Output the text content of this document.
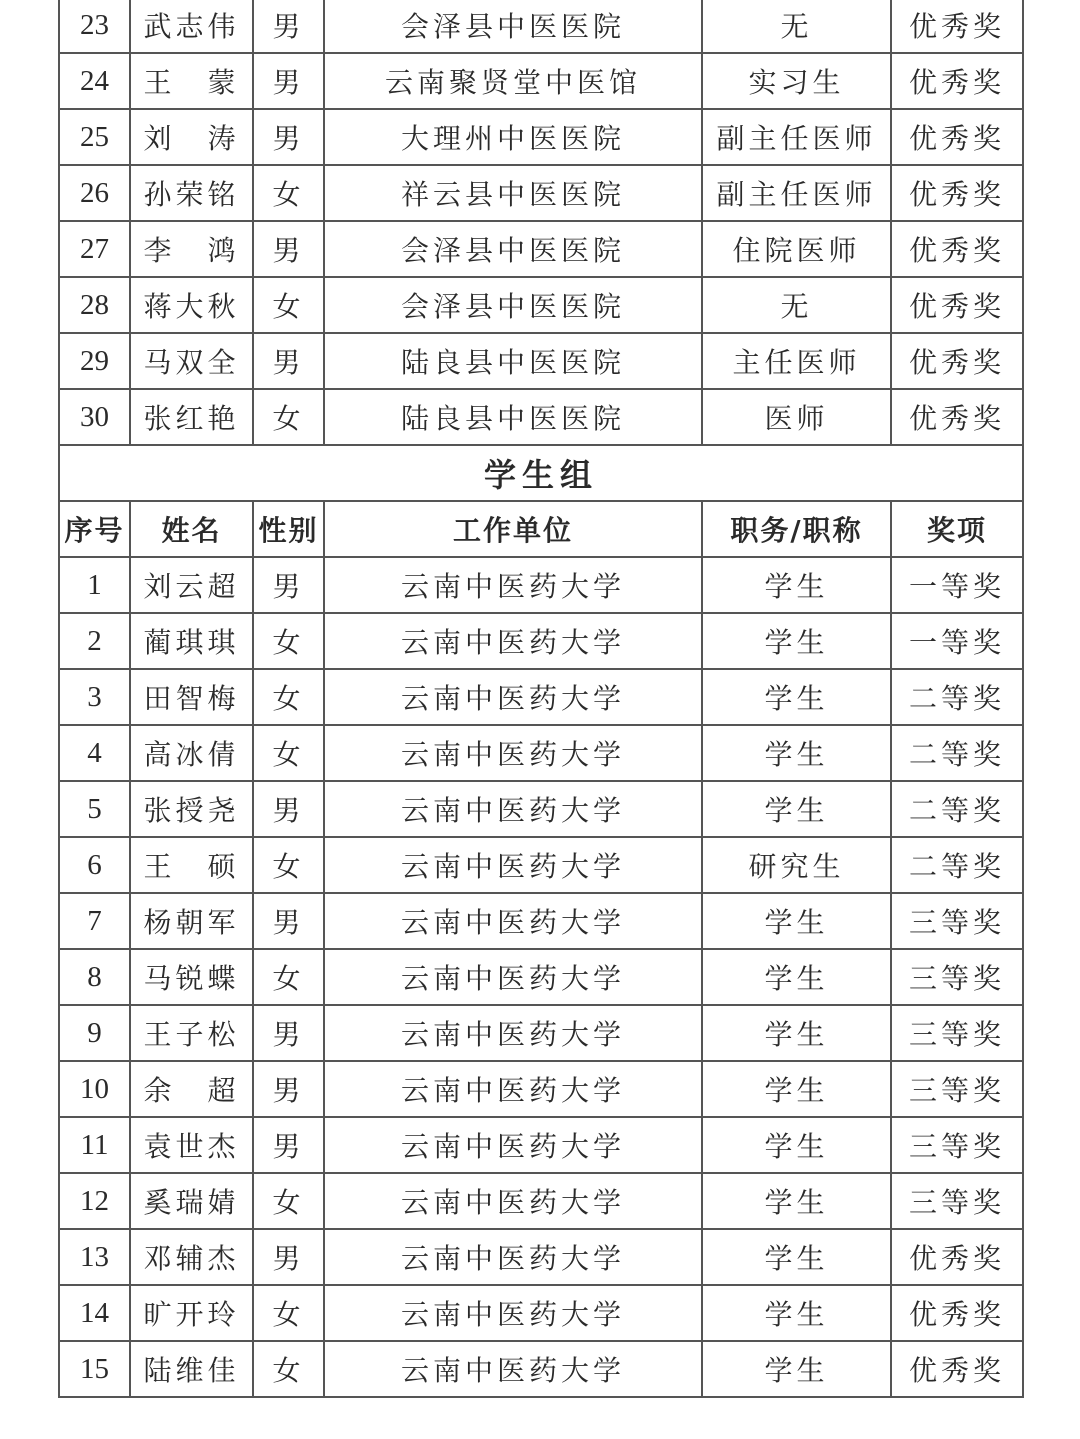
23	武志伟	男	会泽县中医医院	无	优秀奖
24	王　蒙	男	云南聚贤堂中医馆	实习生	优秀奖
25	刘　涛	男	大理州中医医院	副主任医师	优秀奖
26	孙荣铭	女	祥云县中医医院	副主任医师	优秀奖
27	李　鸿	男	会泽县中医医院	住院医师	优秀奖
28	蒋大秋	女	会泽县中医医院	无	优秀奖
29	马双全	男	陆良县中医医院	主任医师	优秀奖
30	张红艳	女	陆良县中医医院	医师	优秀奖
学生组					
序号	姓名	性别	工作单位	职务/职称	奖项
1	刘云超	男	云南中医药大学	学生	一等奖
2	蔺琪琪	女	云南中医药大学	学生	一等奖
3	田智梅	女	云南中医药大学	学生	二等奖
4	高冰倩	女	云南中医药大学	学生	二等奖
5	张授尧	男	云南中医药大学	学生	二等奖
6	王　硕	女	云南中医药大学	研究生	二等奖
7	杨朝军	男	云南中医药大学	学生	三等奖
8	马锐蝶	女	云南中医药大学	学生	三等奖
9	王子松	男	云南中医药大学	学生	三等奖
10	余　超	男	云南中医药大学	学生	三等奖
11	袁世杰	男	云南中医药大学	学生	三等奖
12	奚瑞婧	女	云南中医药大学	学生	三等奖
13	邓辅杰	男	云南中医药大学	学生	优秀奖
14	旷开玲	女	云南中医药大学	学生	优秀奖
15	陆维佳	女	云南中医药大学	学生	优秀奖
